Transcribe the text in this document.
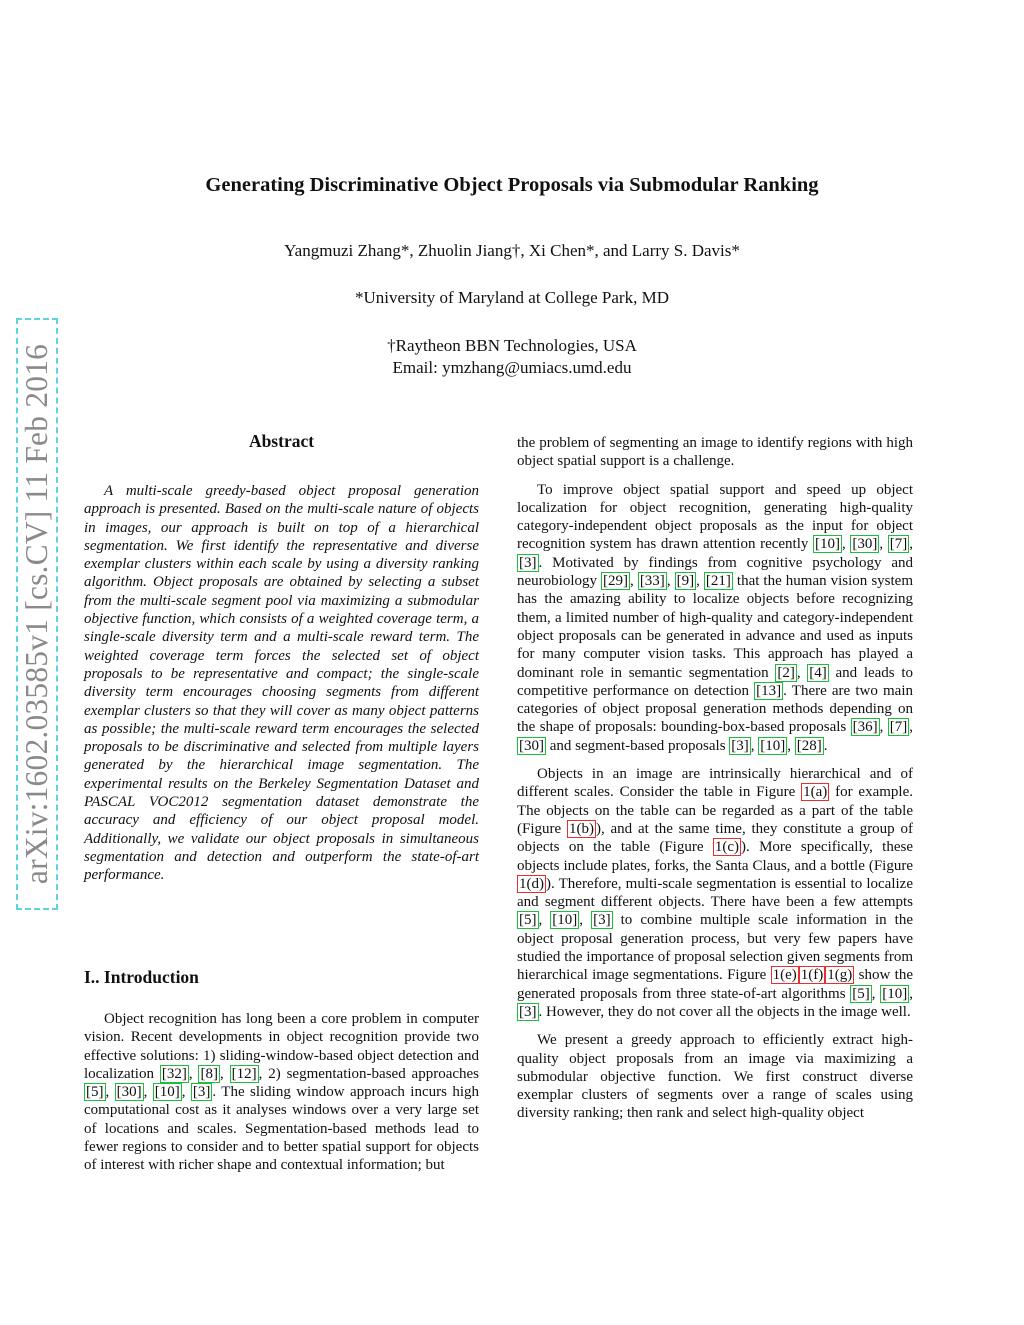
Generating Discriminative Object Proposals via Submodular Ranking
Yangmuzi Zhang*, Zhuolin Jiang†, Xi Chen*, and Larry S. Davis*
*University of Maryland at College Park, MD
†Raytheon BBN Technologies, USA
Email: ymzhang@umiacs.umd.edu
arXiv:1602.03585v1 [cs.CV] 11 Feb 2016	Abstract

A multi-scale greedy-based object proposal generation approach is presented. Based on the multi-scale nature of objects in images, our approach is built on top of a hierarchical segmentation. We first identify the representative and diverse exemplar clusters within each scale by using a diversity ranking algorithm. Object proposals are obtained by selecting a subset from the multi-scale segment pool via maximizing a submodular objective function, which consists of a weighted coverage term, a single-scale diversity term and a multi-scale reward term. The weighted coverage term forces the selected set of object proposals to be representative and compact; the single-scale diversity term encourages choosing segments from different exemplar clusters so that they will cover as many object patterns as possible; the multi-scale reward term encourages the selected proposals to be discriminative and selected from multiple layers generated by the hierarchical image segmentation. The experimental results on the Berkeley Segmentation Dataset and PASCAL VOC2012 segmentation dataset demonstrate the accuracy and efficiency of our object proposal model. Additionally, we validate our object proposals in simultaneous segmentation and detection and outperform the state-of-art performance.

I.. Introduction

Object recognition has long been a core problem in computer vision. Recent developments in object recognition provide two effective solutions: 1) sliding-window-based object detection and localization [32] , [8] , [12] , 2) segmentation-based approaches [5] , [30] , [10] , [3] . The sliding window approach incurs high computational cost as it analyses windows over a very large set of locations and scales. Segmentation-based methods lead to fewer regions to consider and to better spatial support for objects of interest with richer shape and contextual information; but

the problem of segmenting an image to identify regions with high object spatial support is a challenge.

To improve object spatial support and speed up object localization for object recognition, generating high-quality category-independent object proposals as the input for object recognition system has drawn attention recently [10] , [30] , [7] , [3] . Motivated by findings from cognitive psychology and neurobiology [29] , [33] , [9] , [21] that the human vision system has the amazing ability to localize objects before recognizing them, a limited number of high-quality and category-independent object proposals can be generated in advance and used as inputs for many computer vision tasks. This approach has played a dominant role in semantic segmentation [2] , [4] and leads to competitive performance on detection [13] . There are two main categories of object proposal generation methods depending on the shape of proposals: bounding-box-based proposals [36] , [7] , [30] and segment-based proposals [3] , [10] , [28] .

Objects in an image are intrinsically hierarchical and of different scales. Consider the table in Figure 1(a) for example. The objects on the table can be regarded as a part of the table (Figure 1(b) ), and at the same time, they constitute a group of objects on the table (Figure 1(c) ). More specifically, these objects include plates, forks, the Santa Claus, and a bottle (Figure 1(d) ). Therefore, multi-scale segmentation is essential to localize and segment different objects. There have been a few attempts [5] , [10] , [3] to combine multiple scale information in the object proposal generation process, but very few papers have studied the importance of proposal selection given segments from hierarchical image segmentations. Figure 1(e) 1(f) 1(g) show the generated proposals from three state-of-art algorithms [5] , [10] , [3] . However, they do not cover all the objects in the image well.

We present a greedy approach to efficiently extract high-quality object proposals from an image via maximizing a submodular objective function. We first construct diverse exemplar clusters of segments over a range of scales using diversity ranking; then rank and select high-quality object
